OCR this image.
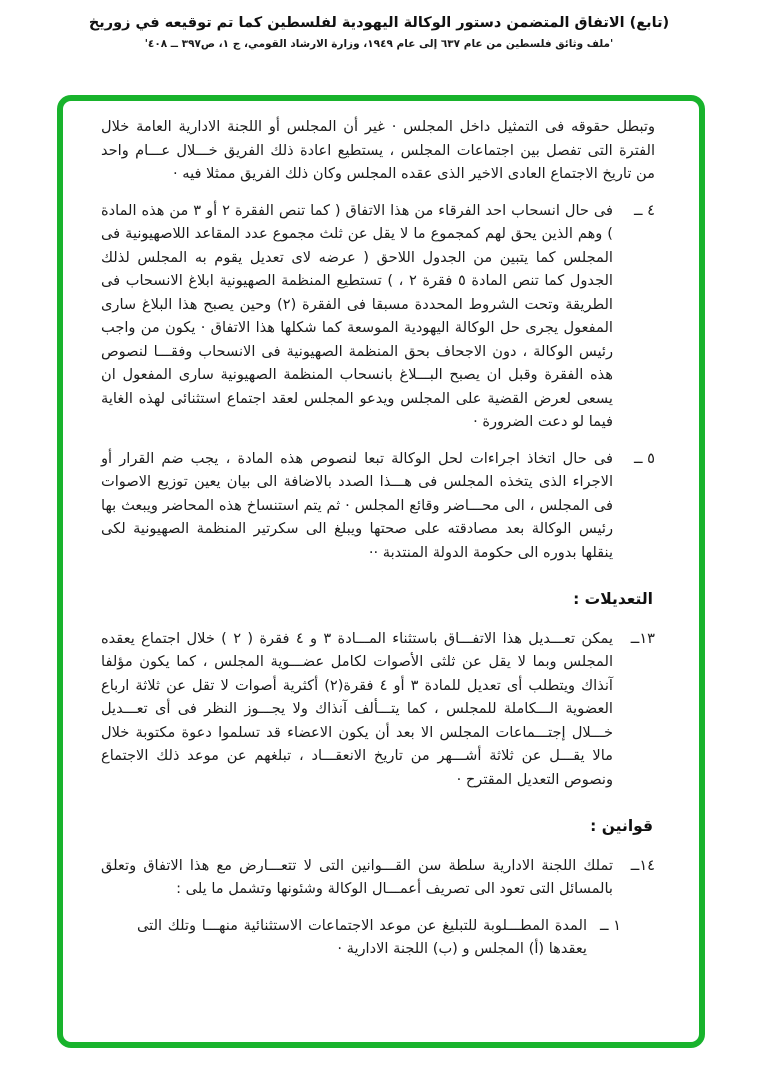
(تابع) الاتفاق المتضمن دستور الوكالة اليهودية لفلسطين كما تم توقيعه في زوريخ
'ملف وثائق فلسطين من عام ٦٣٧ إلى عام ١٩٤٩، وزارة الارشاد القومي، ج ١، ص٣٩٧ ــ ٤٠٨'

وتبطل حقوقه فى التمثيل داخل المجلس · غير أن المجلس أو اللجنة الادارية العامة خلال الفترة التى تفصل بين اجتماعات المجلس ، يستطيع اعادة ذلك الفريق خـــلال عـــام واحد من تاريخ الاجتماع العادى الاخير الذى عقده المجلس وكان ذلك الفريق ممثلا فيه ·

٤ ــ
فى حال انسحاب احد الفرقاء من هذا الاتفاق ( كما تنص الفقرة ٢ أو ٣ من هذه المادة ) وهم الذين يحق لهم كمجموع ما لا يقل عن ثلث مجموع عدد المقاعد اللاصهيونية فى المجلس كما يتبين من الجدول اللاحق ( عرضه لاى تعديل يقوم به المجلس لذلك الجدول كما تنص المادة ٥ فقرة ٢ ، ) تستطيع المنظمة الصهيونية ابلاغ الانسحاب فى الطريقة وتحت الشروط المحددة مسبقا فى الفقرة (٢) وحين يصبح هذا البلاغ سارى المفعول يجرى حل الوكالة اليهودية الموسعة كما شكلها هذا الاتفاق · يكون من واجب رئيس الوكالة ، دون الاجحاف بحق المنظمة الصهيونية فى الانسحاب وفقـــا لنصوص هذه الفقرة وقبل ان يصبح البـــلاغ بانسحاب المنظمة الصهيونية سارى المفعول ان يسعى لعرض القضية على المجلس ويدعو المجلس لعقد اجتماع استثنائى لهذه الغاية فيما لو دعت الضرورة ·
٥ ــ
فى حال اتخاذ اجراءات لحل الوكالة تبعا لنصوص هذه المادة ، يجب ضم القرار أو الاجراء الذى يتخذه المجلس فى هـــذا الصدد بالاضافة الى بيان يعين توزيع الاصوات فى المجلس ، الى محـــاضر وقائع المجلس · ثم يتم استنساخ هذه المحاضر ويبعث بها رئيس الوكالة بعد مصادقته على صحتها ويبلغ الى سكرتير المنظمة الصهيونية لكى ينقلها بدوره الى حكومة الدولة المنتدبة ··
التعديلات :
١٣ــ
يمكن تعـــديل هذا الاتفـــاق باستثناء المـــادة ٣ و ٤ فقرة ( ٢ ) خلال اجتماع يعقده المجلس وبما لا يقل عن ثلثى الأصوات لكامل عضـــوية المجلس ، كما يكون مؤلفا آنذاك ويتطلب أى تعديل للمادة ٣ أو ٤ فقرة(٢) أكثرية أصوات لا تقل عن ثلاثة ارباع العضوية الـــكاملة للمجلس ، كما يتـــألف آنذاك ولا يجـــوز النظر فى أى تعـــديل خـــلال إجتـــماعات المجلس الا بعد أن يكون الاعضاء قد تسلموا دعوة مكتوبة خلال مالا يقـــل عن ثلاثة أشـــهر من تاريخ الانعقـــاد ، تبلغهم عن موعد ذلك الاجتماع ونصوص التعديل المقترح ·
قوانين :
١٤ــ
تملك اللجنة الادارية سلطة سن القـــوانين التى لا تتعـــارض مع هذا الاتفاق وتعلق بالمسائل التى تعود الى تصريف أعمـــال الوكالة وشئونها وتشمل ما يلى :
١ ــ
المدة المطـــلوبة للتبليغ عن موعد الاجتماعات الاستثنائية منهـــا وتلك التى يعقدها (أ) المجلس و (ب) اللجنة الادارية ·
